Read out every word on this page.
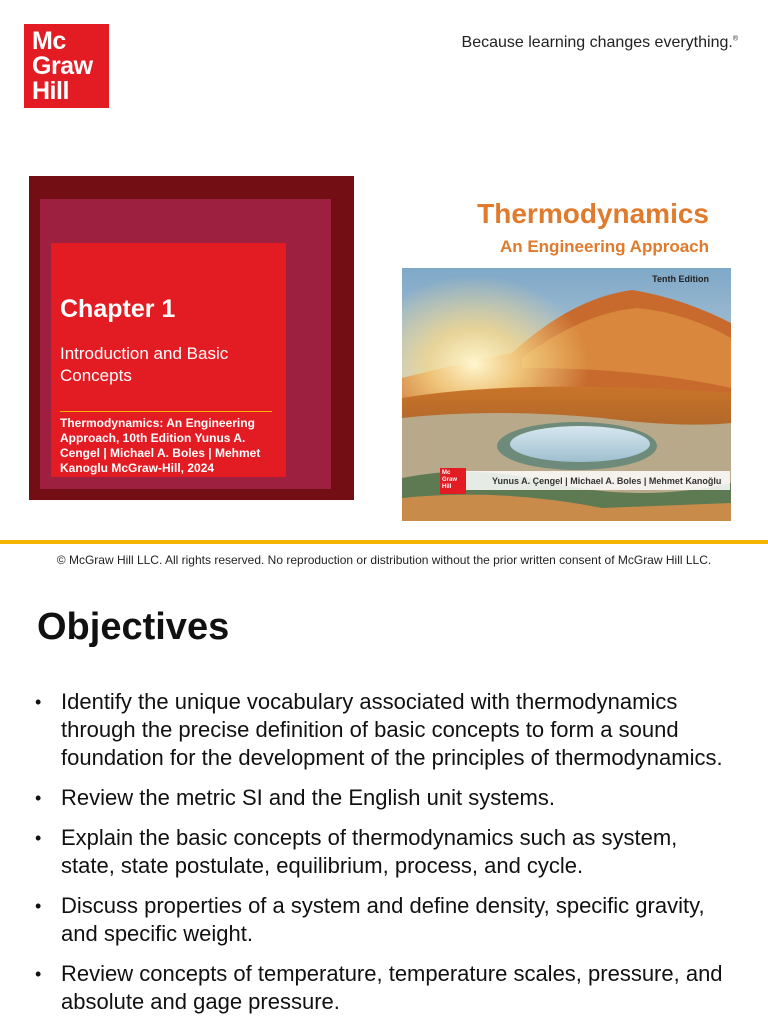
Mc
Graw
Hill
Because learning changes everything.®
Chapter 1
Introduction and Basic Concepts
Thermodynamics: An Engineering Approach, 10th Edition Yunus A. Cengel | Michael A. Boles | Mehmet Kanoglu McGraw-Hill, 2024
Thermodynamics
An Engineering Approach
Tenth Edition
Mc
Graw
Hill
Yunus A. Çengel | Michael A. Boles | Mehmet Kanoğlu
© McGraw Hill LLC. All rights reserved. No reproduction or distribution without the prior written consent of McGraw Hill LLC.
Objectives
• Identify the unique vocabulary associated with thermodynamics through the precise definition of basic concepts to form a sound foundation for the development of the principles of thermodynamics.
• Review the metric SI and the English unit systems.
• Explain the basic concepts of thermodynamics such as system, state, state postulate, equilibrium, process, and cycle.
• Discuss properties of a system and define density, specific gravity, and specific weight.
• Review concepts of temperature, temperature scales, pressure, and absolute and gage pressure.
